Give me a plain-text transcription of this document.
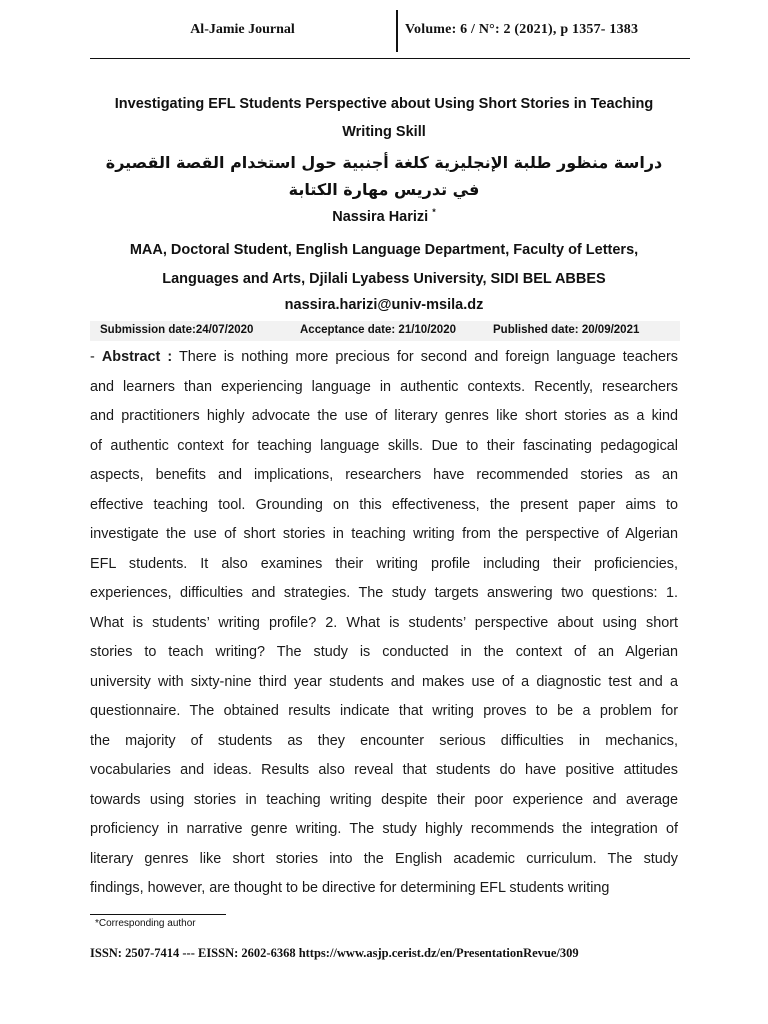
Al-Jamie Journal	Volume: 6 / N°: 2 (2021), p 1357- 1383
Investigating EFL Students Perspective about Using Short Stories in Teaching
Writing Skill
دراسة منظور طلبة الإنجليزية كلغة أجنبية حول استخدام القصة القصيرة في تدريس مهارة الكتابة
Nassira Harizi *
MAA, Doctoral Student, English Language Department, Faculty of Letters,
Languages and Arts, Djilali Lyabess University, SIDI BEL ABBES
nassira.harizi@univ-msila.dz
Submission date:24/07/2020	Acceptance date: 21/10/2020	Published date: 20/09/2021
- Abstract : There is nothing more precious for second and foreign language teachers
and learners than experiencing language in authentic contexts. Recently, researchers
and practitioners highly advocate the use of literary genres like short stories as a kind
of authentic context for teaching language skills. Due to their fascinating pedagogical
aspects, benefits and implications, researchers have recommended stories as an
effective teaching tool. Grounding on this effectiveness, the present paper aims to
investigate the use of short stories in teaching writing from the perspective of Algerian
EFL students. It also examines their writing profile including their proficiencies,
experiences, difficulties and strategies. The study targets answering two questions: 1.
What is students’ writing profile? 2. What is students’ perspective about using short
stories to teach writing? The study is conducted in the context of an Algerian
university with sixty-nine third year students and makes use of a diagnostic test and a
questionnaire. The obtained results indicate that writing proves to be a problem for
the majority of students as they encounter serious difficulties in mechanics,
vocabularies and ideas. Results also reveal that students do have positive attitudes
towards using stories in teaching writing despite their poor experience and average
proficiency in narrative genre writing. The study highly recommends the integration of
literary genres like short stories into the English academic curriculum. The study
findings, however, are thought to be directive for determining EFL students writing
*Corresponding author
ISSN: 2507-7414 --- EISSN: 2602-6368 https://www.asjp.cerist.dz/en/PresentationRevue/309
